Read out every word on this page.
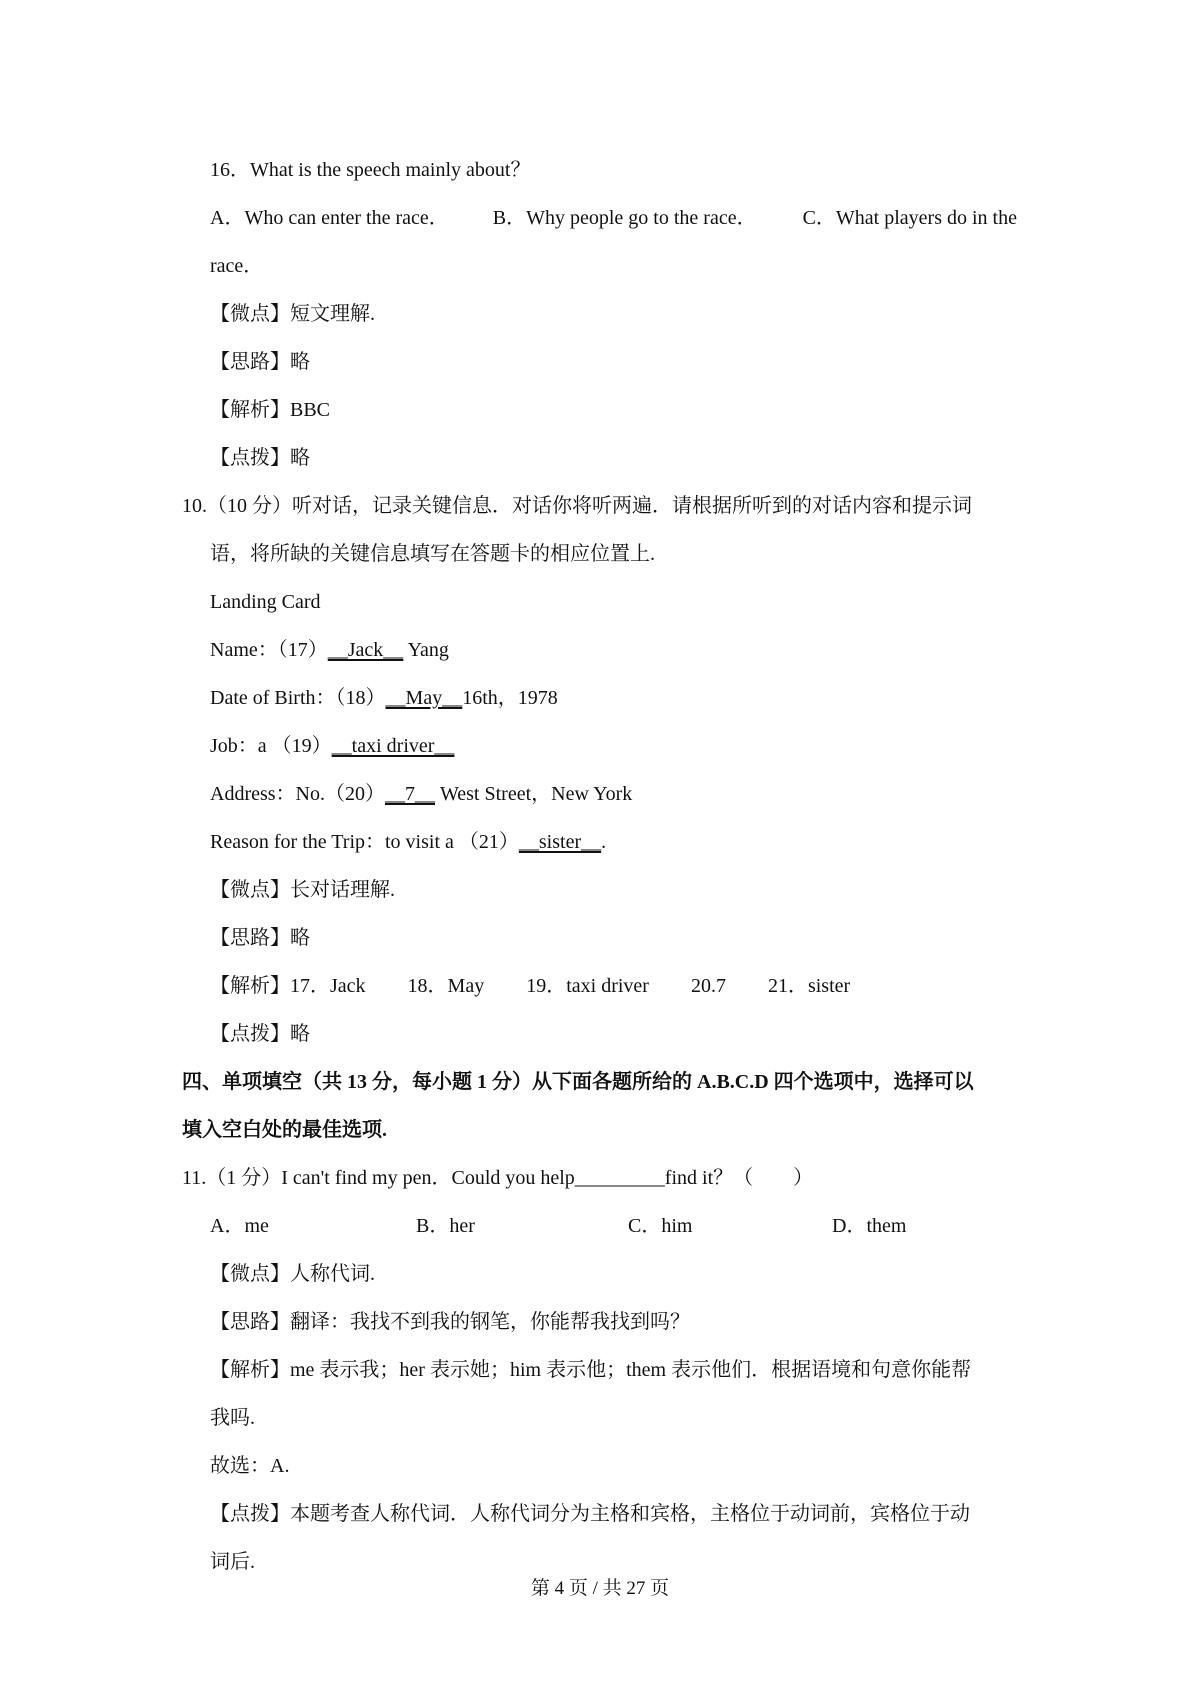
16．What is the speech mainly about？
A．Who can enter the race． B．Why people go to the race． C．What players do in the
race．
【微点】短文理解.
【思路】略
【解析】BBC
【点拨】略
10.（10 分）听对话，记录关键信息．对话你将听两遍．请根据所听到的对话内容和提示词
语，将所缺的关键信息填写在答题卡的相应位置上.
Landing Card
Name：（17）__Jack__ Yang
Date of Birth：（18）__May__16th，1978
Job：a （19）__taxi driver__
Address：No.（20）__7__ West Street，New York
Reason for the Trip：to visit a （21）__sister__.
【微点】长对话理解.
【思路】略
【解析】17．Jack 18．May 19．taxi driver 20.7 21．sister
【点拨】略
四、单项填空（共 13 分，每小题 1 分）从下面各题所给的 A.B.C.D 四个选项中，选择可以
填入空白处的最佳选项.
11.（1 分）I can't find my pen．Could you help_________find it？（　　）
A．me	B．her	C．him	D．them
【微点】人称代词.
【思路】翻译：我找不到我的钢笔，你能帮我找到吗？
【解析】me 表示我；her 表示她；him 表示他；them 表示他们．根据语境和句意你能帮
我吗.
故选：A.
【点拨】本题考查人称代词．人称代词分为主格和宾格，主格位于动词前，宾格位于动
词后.
第 4 页 / 共 27 页
